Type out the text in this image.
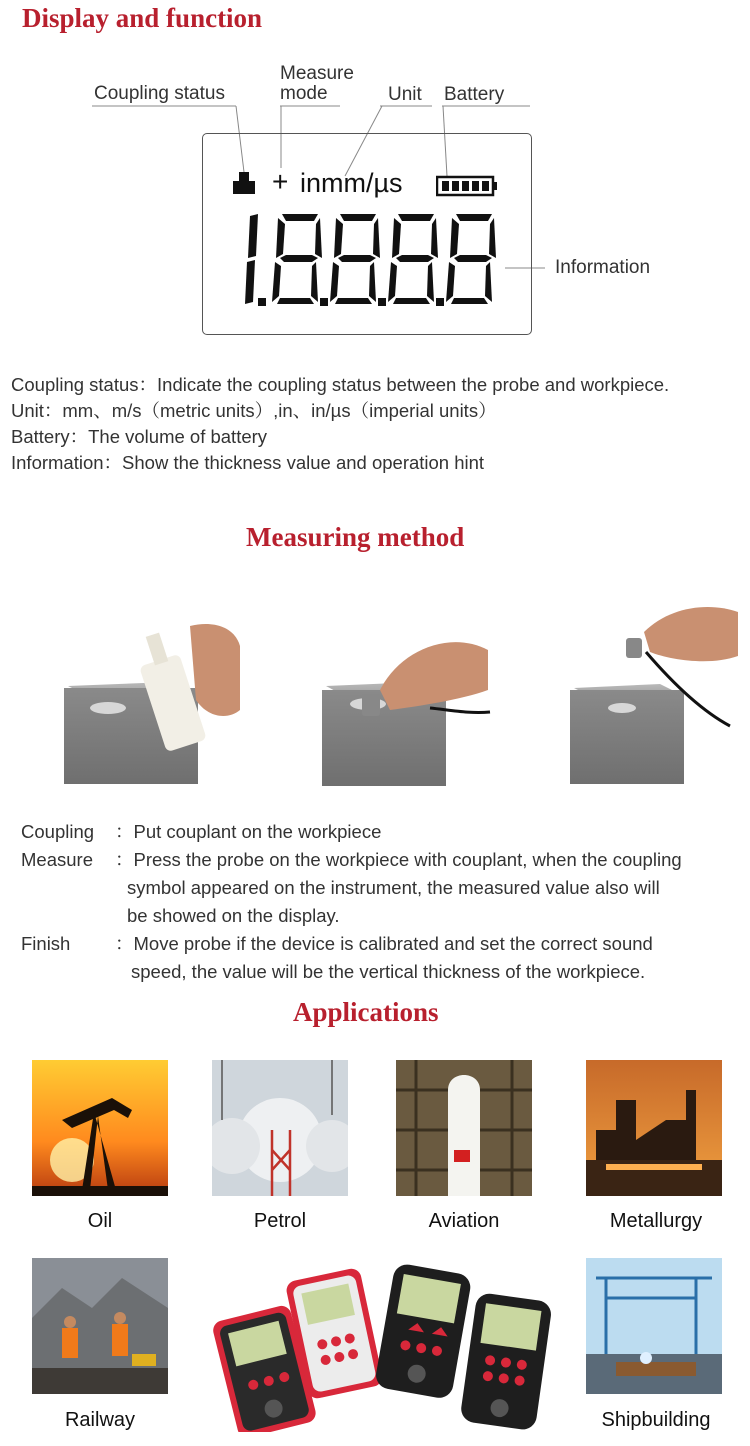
Display and function
Coupling status
Measure
mode	Unit Battery
Information
+ inmm/µs
Coupling status：Indicate the coupling status between the probe and workpiece.
Unit：mm、m/s（metric units）,in、in/µs（imperial units）
Battery：The volume of battery
Information：Show the thickness value and operation hint
Measuring method
Coupling ：Put couplant on the workpiece
Measure ：Press the probe on the workpiece with couplant, when the coupling
symbol appeared on the instrument, the measured value also will
be showed on the display.
Finish ：Move probe if the device is calibrated and set the correct sound
speed, the value will be the vertical thickness of the workpiece.
Applications
Oil	Petrol	Aviation	Metallurgy
Railway	Shipbuilding
